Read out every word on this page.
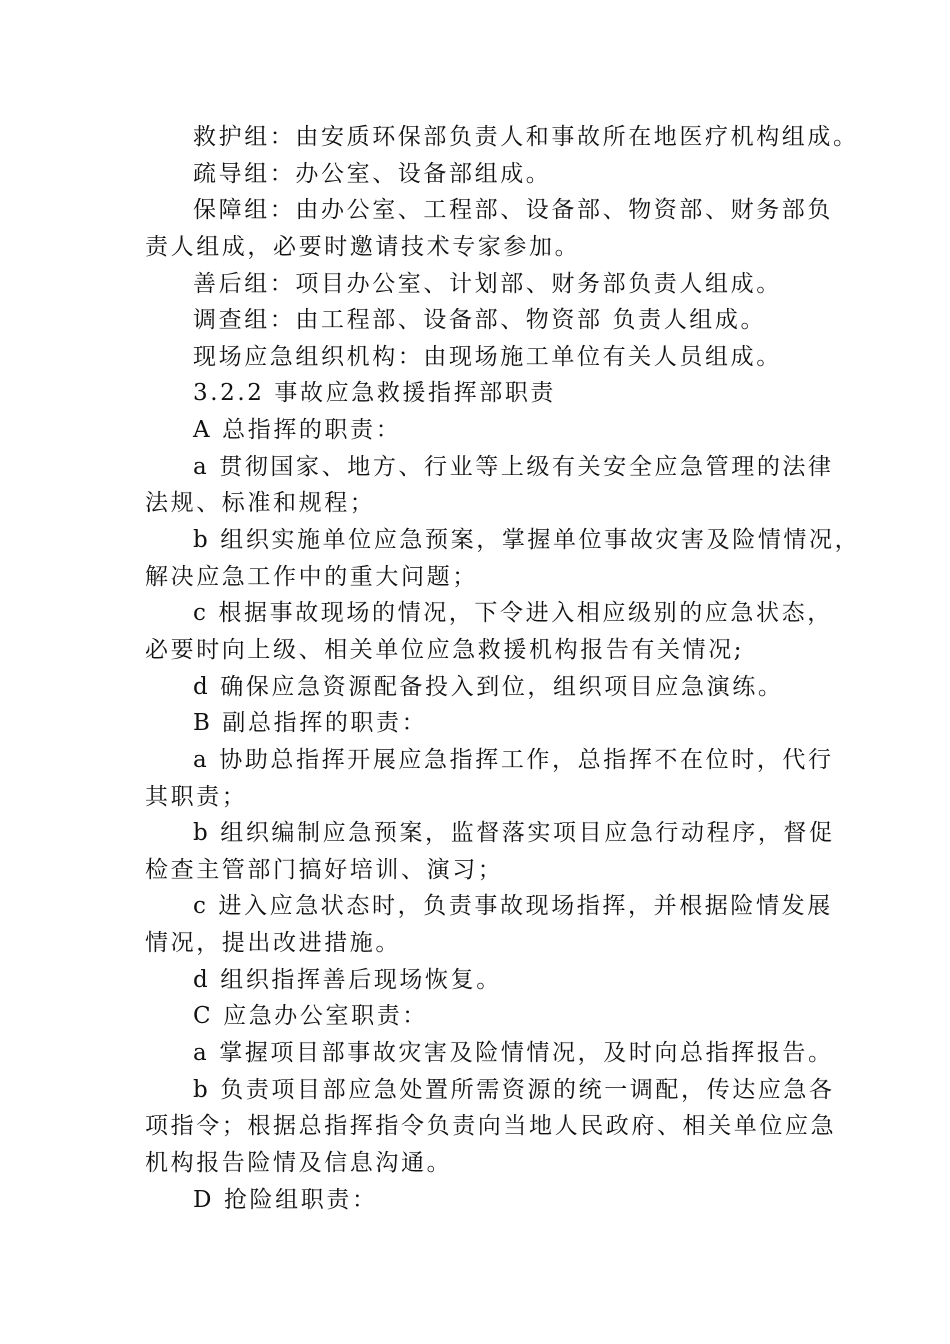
救护组：由安质环保部负责人和事故所在地医疗机构组成。
疏导组：办公室、设备部组成。
保障组：由办公室、工程部、设备部、物资部、财务部负
责人组成，必要时邀请技术专家参加。
善后组：项目办公室、计划部、财务部负责人组成。
调查组：由工程部、设备部、物资部 负责人组成。
现场应急组织机构：由现场施工单位有关人员组成。
3.2.2 事故应急救援指挥部职责
A 总指挥的职责：
a 贯彻国家、地方、行业等上级有关安全应急管理的法律
法规、标准和规程；
b 组织实施单位应急预案，掌握单位事故灾害及险情情况，
解决应急工作中的重大问题；
c 根据事故现场的情况，下令进入相应级别的应急状态，
必要时向上级、相关单位应急救援机构报告有关情况;
d 确保应急资源配备投入到位，组织项目应急演练。
B 副总指挥的职责：
a 协助总指挥开展应急指挥工作，总指挥不在位时，代行
其职责；
b 组织编制应急预案，监督落实项目应急行动程序，督促
检查主管部门搞好培训、演习；
c 进入应急状态时，负责事故现场指挥，并根据险情发展
情况，提出改进措施。
d 组织指挥善后现场恢复。
C 应急办公室职责：
a 掌握项目部事故灾害及险情情况，及时向总指挥报告。
b 负责项目部应急处置所需资源的统一调配，传达应急各
项指令；根据总指挥指令负责向当地人民政府、相关单位应急
机构报告险情及信息沟通。
D 抢险组职责：
